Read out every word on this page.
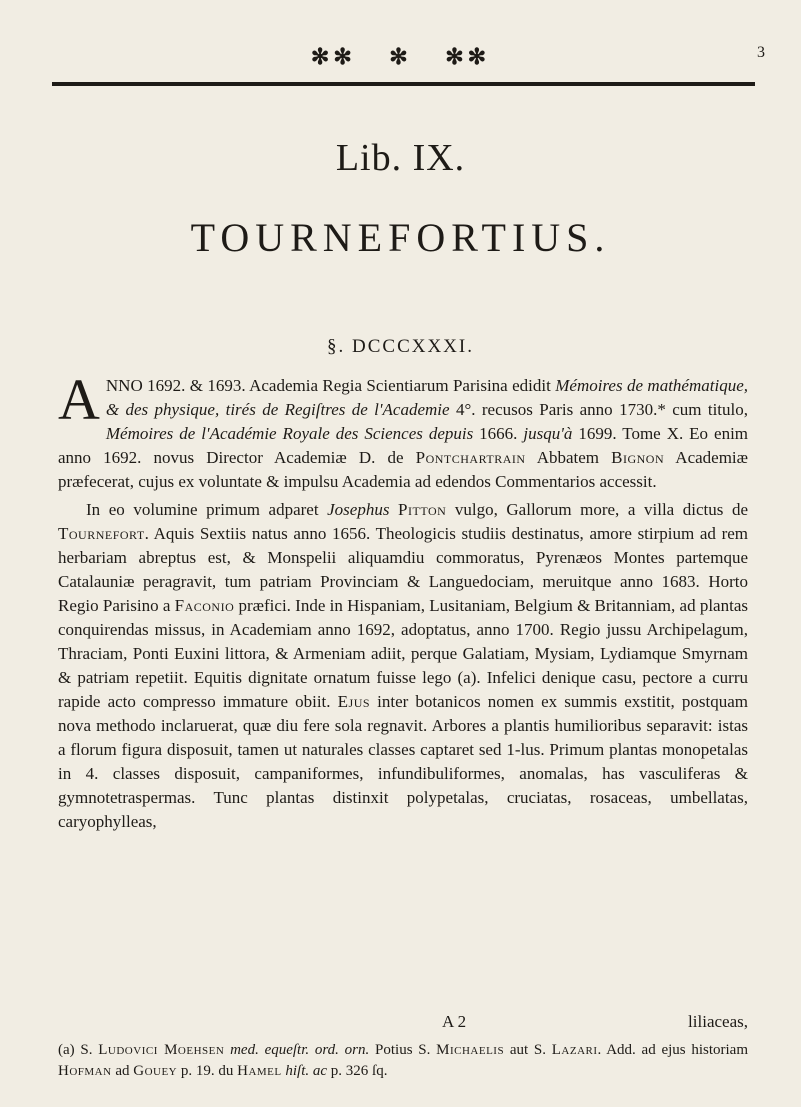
✻✻ ✻ ✻✻	3
Lib. IX.
TOURNEFORTIUS.
§. DCCCXXXI.

ANNO 1692. & 1693. Academia Regia Scientiarum Parisina edidit Mémoires de mathématique, & des physique, tirés de Regiſtres de l'Academie 4°. recusos Paris anno 1730.* cum titulo, Mémoires de l'Académie Royale des Sciences depuis 1666. jusqu'à 1699. Tome X. Eo enim anno 1692. novus Director Academiæ D. de Pontchartrain Abbatem Bignon Academiæ præfecerat, cujus ex voluntate & impulsu Academia ad edendos Commentarios accessit.

In eo volumine primum adparet Josephus Pitton vulgo, Gallorum more, a villa dictus de Tournefort. Aquis Sextiis natus anno 1656. Theologicis studiis destinatus, amore stirpium ad rem herbariam abreptus est, & Monspelii aliquamdiu commoratus, Pyrenæos Montes partemque Catalauniæ peragravit, tum patriam Provinciam & Languedociam, meruitque anno 1683. Horto Regio Parisino a Faconio præfici. Inde in Hispaniam, Lusitaniam, Belgium & Britanniam, ad plantas conquirendas missus, in Academiam anno 1692, adoptatus, anno 1700. Regio jussu Archipelagum, Thraciam, Ponti Euxini littora, & Armeniam adiit, perque Galatiam, Mysiam, Lydiamque Smyrnam & patriam repetiit. Equitis dignitate ornatum fuisse lego (a). Infelici denique casu, pectore a curru rapide acto compresso immature obiit. Ejus inter botanicos nomen ex summis exstitit, postquam nova methodo inclaruerat, quæ diu fere sola regnavit. Arbores a plantis humilioribus separavit: istas a florum figura disposuit, tamen ut naturales classes captaret sed 1-lus. Primum plantas monopetalas in 4. classes disposuit, campaniformes, infundibuliformes, anomalas, has vasculiferas & gymnotetraspermas. Tunc plantas distinxit polypetalas, cruciatas, rosaceas, umbellatas, caryophylleas,

A 2	liliaceas,
(a) S. Ludovici Moehsen med. equeſtr. ord. orn. Potius S. Michaelis aut S. Lazari. Add. ad ejus historiam Hofman ad Gouey p. 19. du Hamel hiſt. ac p. 326 ſq.
